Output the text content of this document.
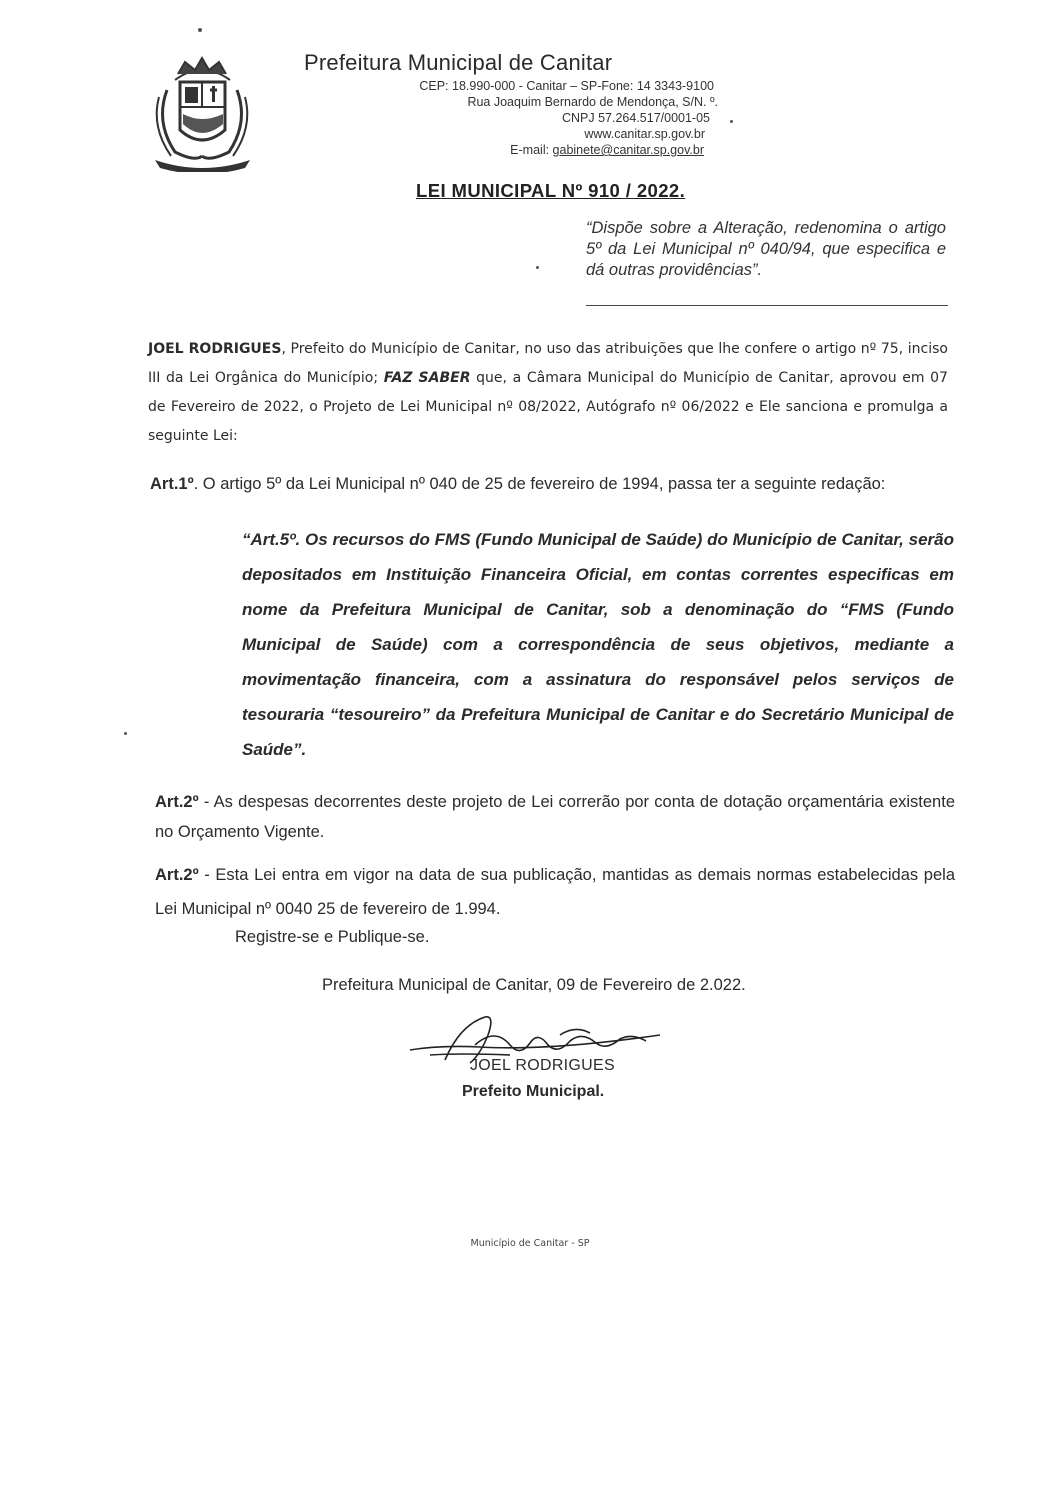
Prefeitura Municipal de Canitar
CEP: 18.990-000 - Canitar – SP-Fone: 14 3343-9100
Rua Joaquim Bernardo de Mendonça, S/N. º.
CNPJ 57.264.517/0001-05
www.canitar.sp.gov.br
E-mail: gabinete@canitar.sp.gov.br
LEI MUNICIPAL Nº 910 / 2022.
“Dispõe sobre a Alteração, redenomina o artigo 5º da Lei Municipal nº 040/94, que especifica e dá outras providências”.
JOEL RODRIGUES, Prefeito do Município de Canitar, no uso das atribuições que lhe confere o artigo nº 75, inciso III da Lei Orgânica do Município; FAZ SABER que, a Câmara Municipal do Município de Canitar, aprovou em 07 de Fevereiro de 2022, o Projeto de Lei Municipal nº 08/2022, Autógrafo nº 06/2022 e Ele sanciona e promulga a seguinte Lei:
Art.1º. O artigo 5º da Lei Municipal nº 040 de 25 de fevereiro de 1994, passa ter a seguinte redação:
“Art.5º. Os recursos do FMS (Fundo Municipal de Saúde) do Município de Canitar, serão depositados em Instituição Financeira Oficial, em contas correntes especificas em nome da Prefeitura Municipal de Canitar, sob a denominação do “FMS (Fundo Municipal de Saúde) com a correspondência de seus objetivos, mediante a movimentação financeira, com a assinatura do responsável pelos serviços de tesouraria “tesoureiro” da Prefeitura Municipal de Canitar e do Secretário Municipal de Saúde”.
Art.2º - As despesas decorrentes deste projeto de Lei correrão por conta de dotação orçamentária existente no Orçamento Vigente.
Art.2º - Esta Lei entra em vigor na data de sua publicação, mantidas as demais normas estabelecidas pela Lei Municipal nº 0040 25 de fevereiro de 1.994.
Registre-se e Publique-se.
Prefeitura Municipal de Canitar, 09 de Fevereiro de 2.022.
JOEL RODRIGUES
Prefeito Municipal.
Município de Canitar - SP
